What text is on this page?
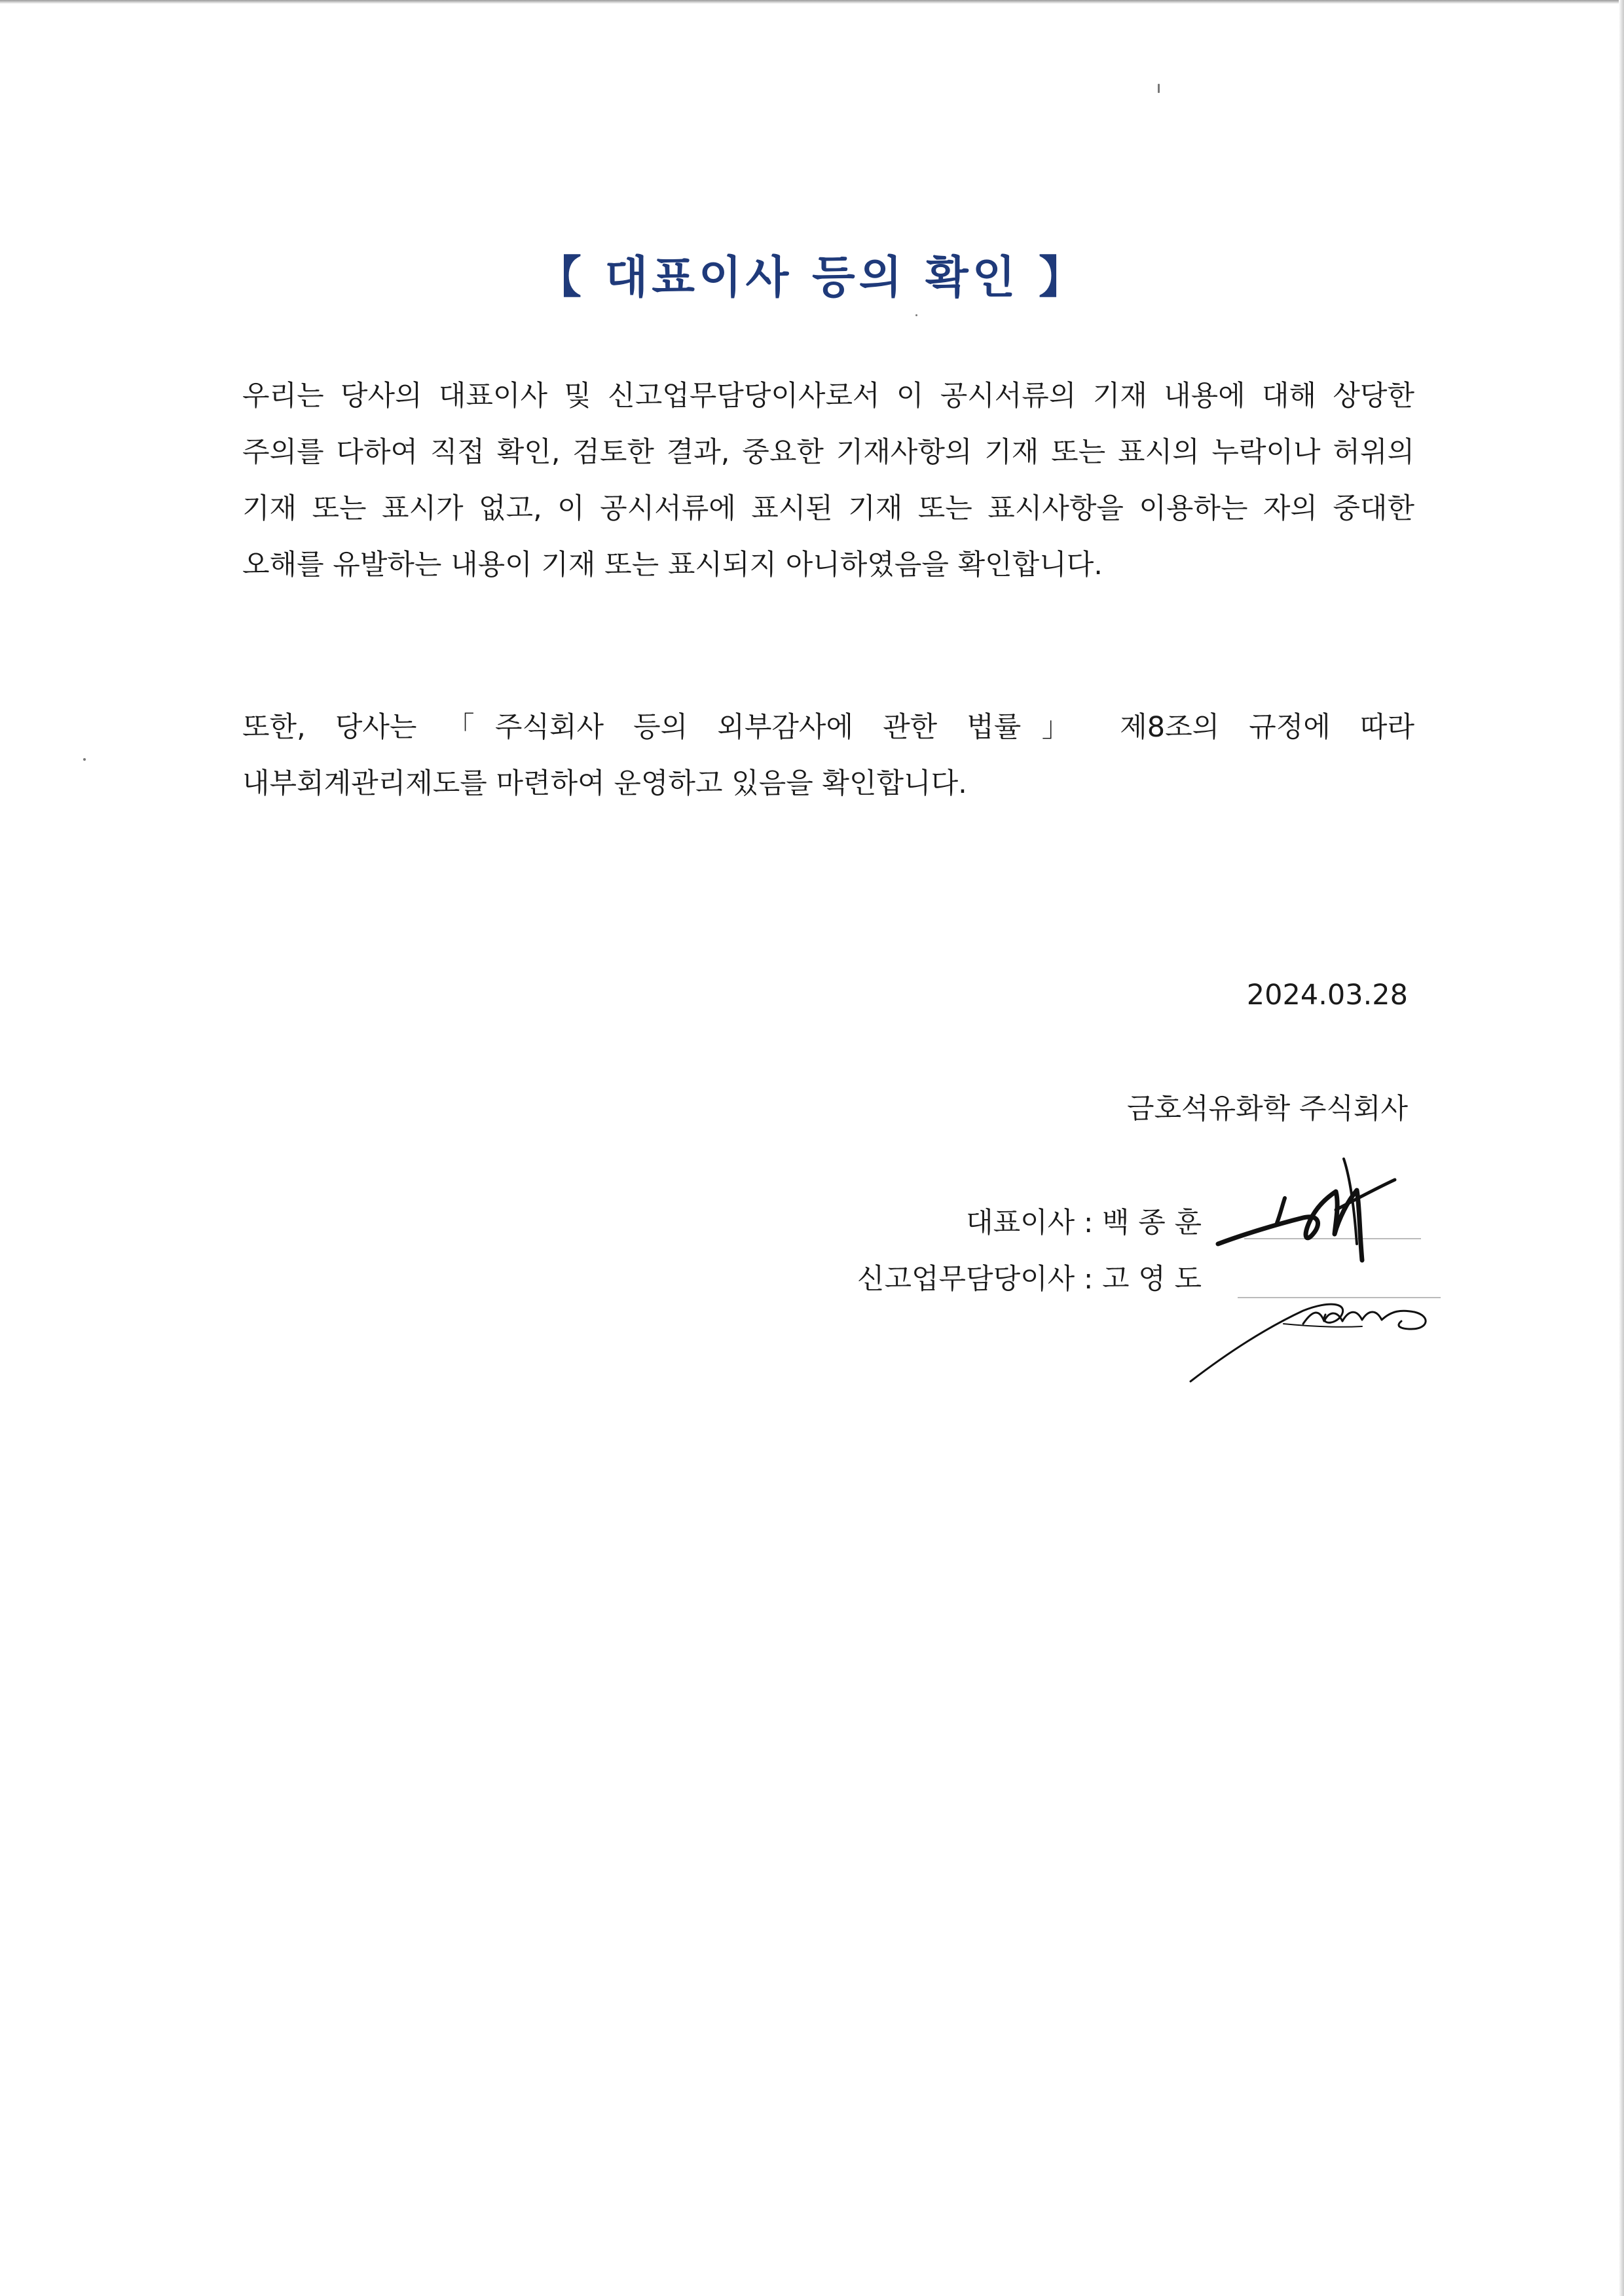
【 대표이사 등의 확인 】

우리는 당사의 대표이사 및 신고업무담당이사로서 이 공시서류의 기재 내용에 대해 상당한 주의를 다하여 직접 확인, 검토한 결과, 중요한 기재사항의 기재 또는 표시의 누락이나 허위의 기재 또는 표시가 없고, 이 공시서류에 표시된 기재 또는 표시사항을 이용하는 자의 중대한 오해를 유발하는 내용이 기재 또는 표시되지 아니하였음을 확인합니다.

또한, 당사는 「주식회사 등의 외부감사에 관한 법률」 제8조의 규정에 따라 내부회계관리제도를 마련하여 운영하고 있음을 확인합니다.

2024.03.28

금호석유화학 주식회사

대표이사 : 백 종 훈

신고업무담당이사 : 고 영 도
